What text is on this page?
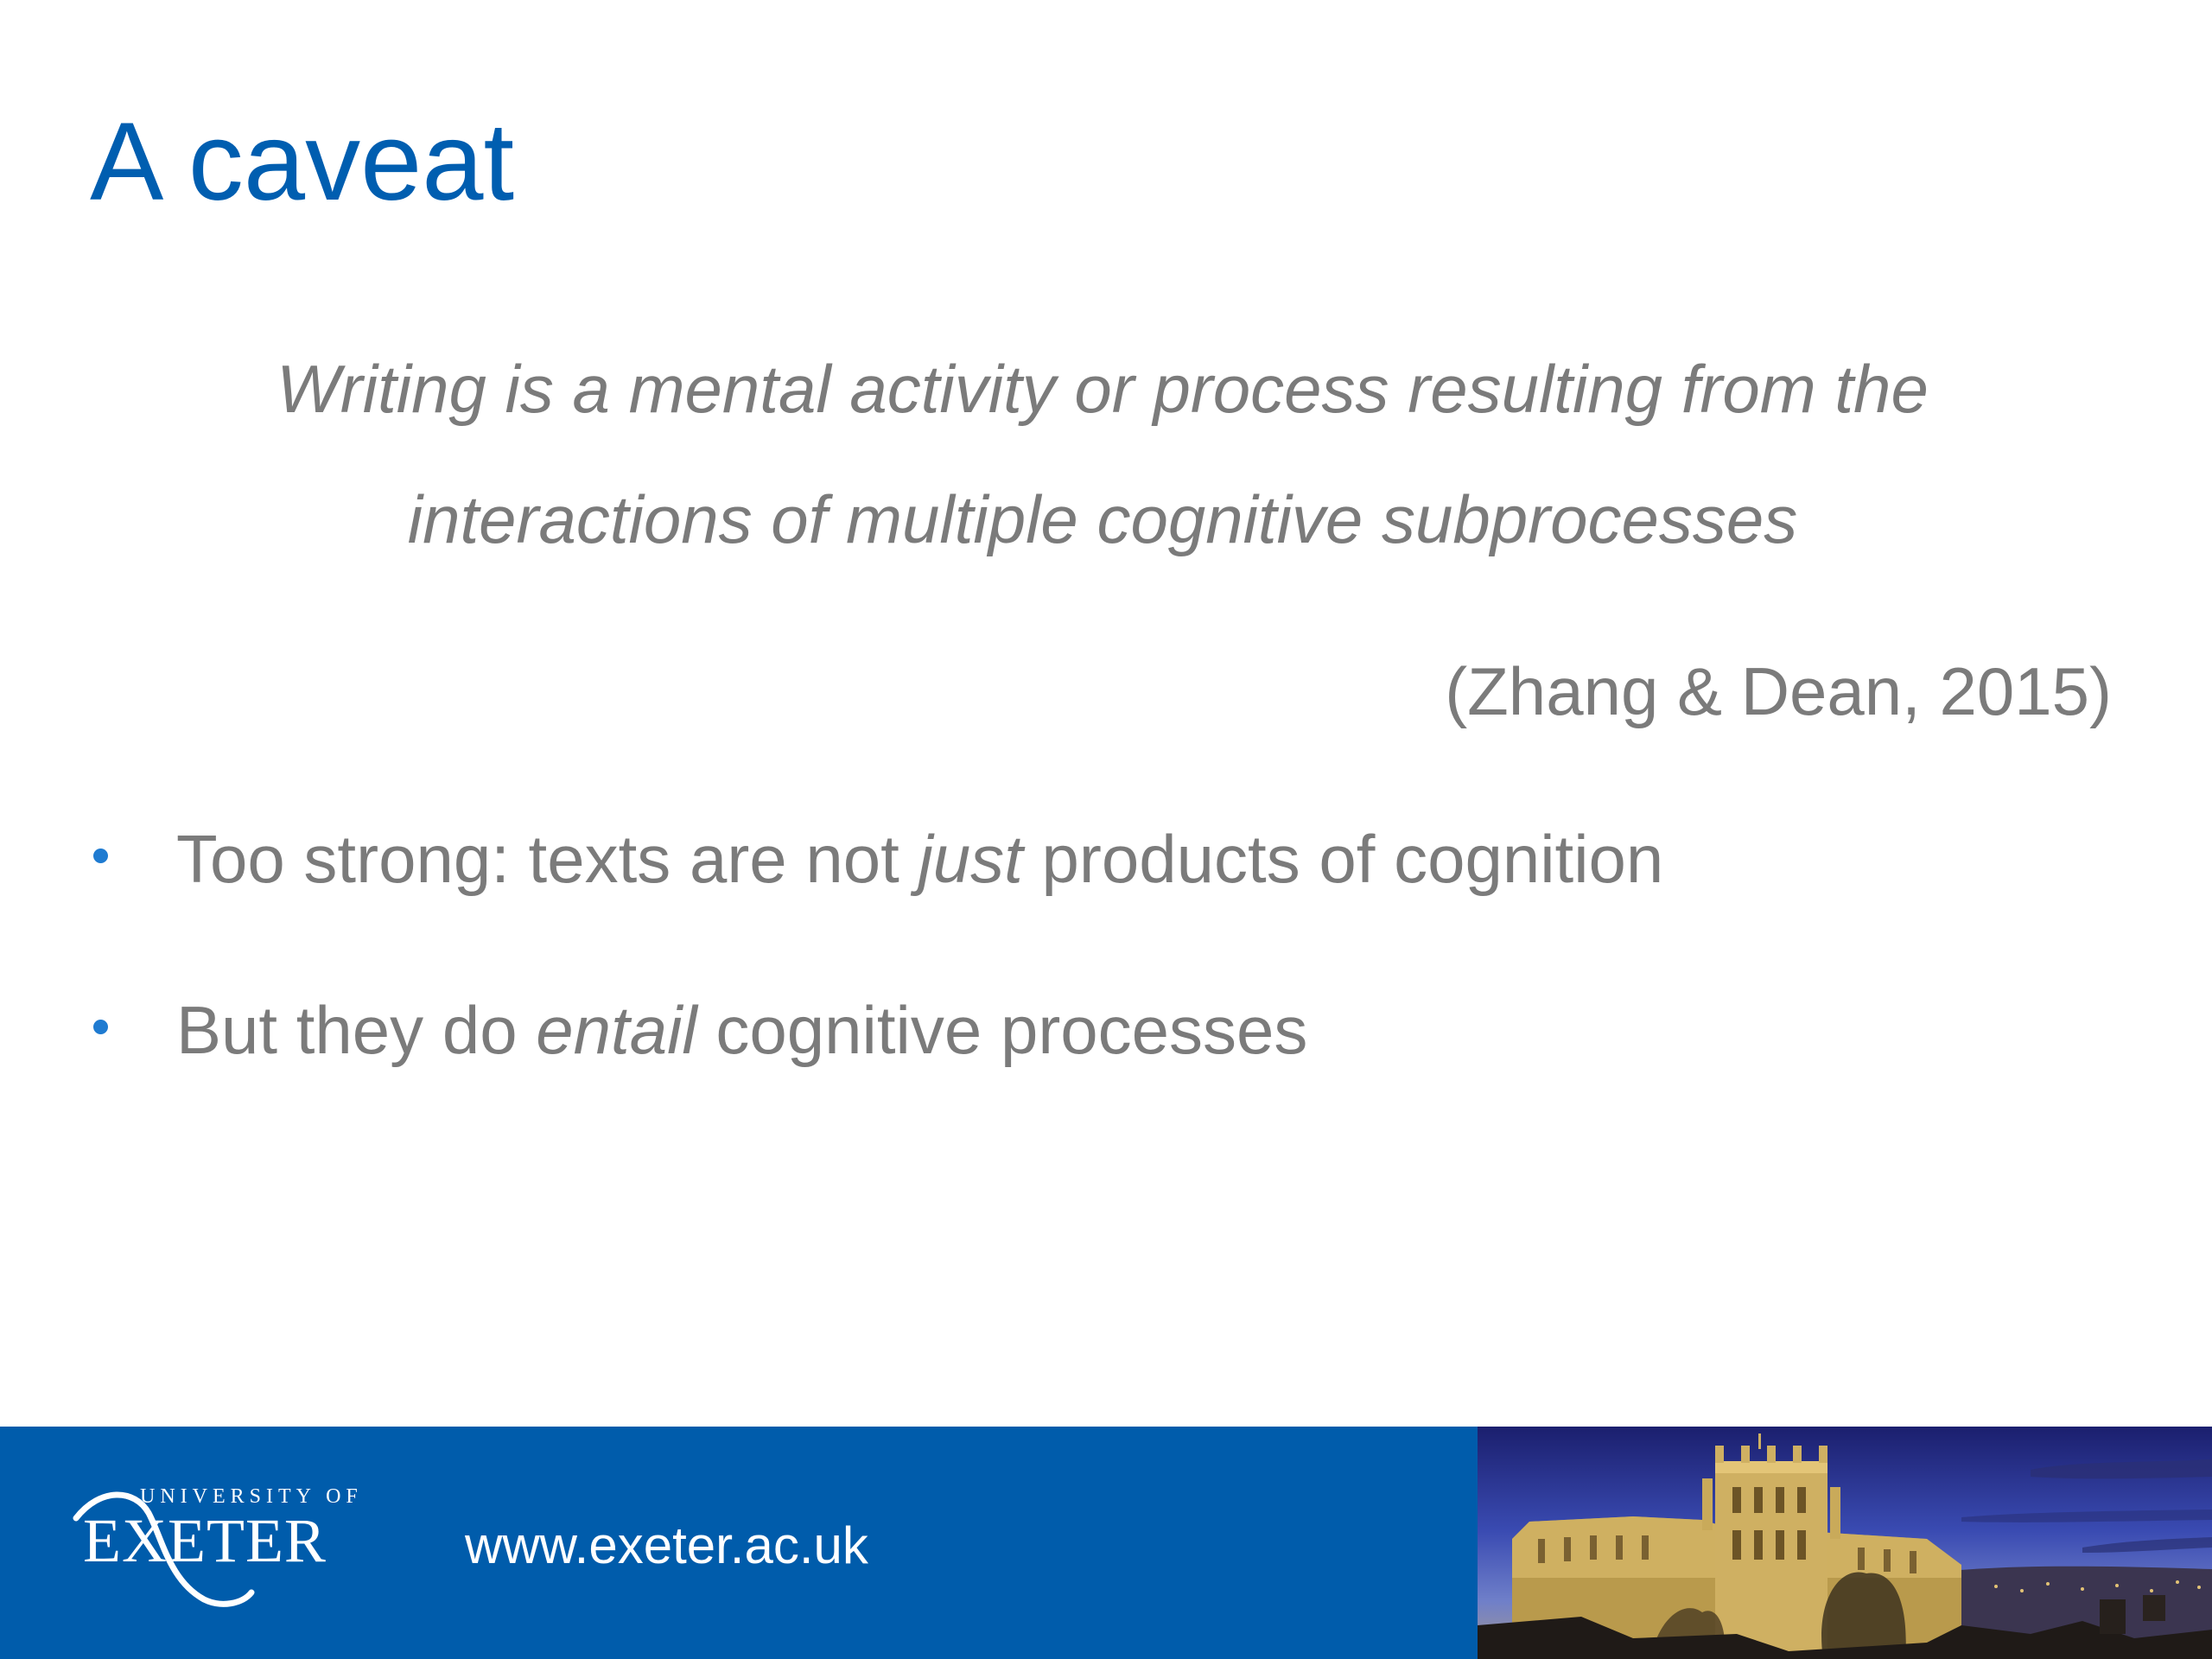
A caveat
Writing is a mental activity or process resulting from the
interactions of multiple cognitive subprocesses
(Zhang & Dean, 2015)
Too strong: texts are not just products of cognition
But they do entail cognitive processes
UNIVERSITY OF
EXETER	www.exeter.ac.uk
